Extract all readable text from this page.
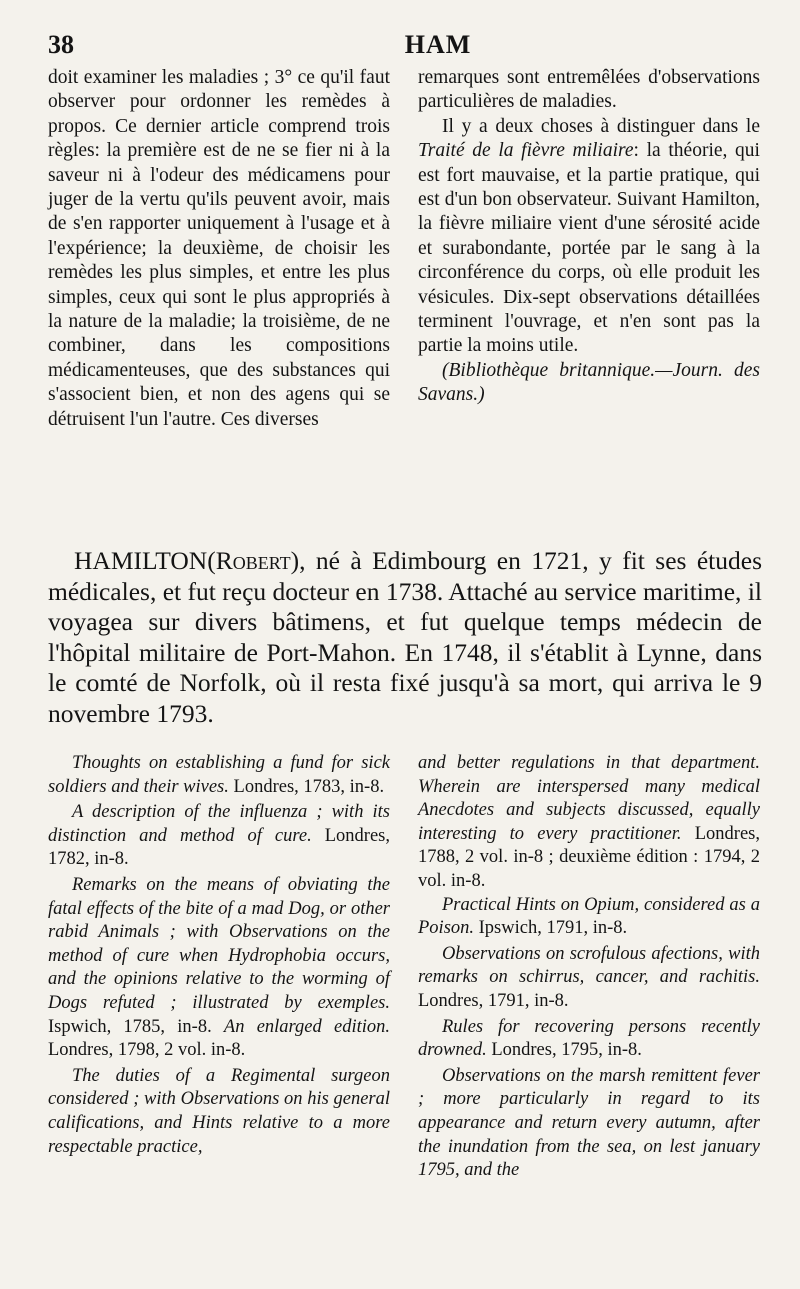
38	HAM

doit examiner les maladies ; 3° ce qu'il faut observer pour ordonner les remèdes à propos. Ce dernier article comprend trois règles: la première est de ne se fier ni à la saveur ni à l'odeur des médicamens pour juger de la vertu qu'ils peuvent avoir, mais de s'en rapporter uniquement à l'usage et à l'expérience; la deuxième, de choisir les remèdes les plus simples, et entre les plus simples, ceux qui sont le plus appropriés à la nature de la maladie; la troisième, de ne combiner, dans les compositions médicamenteuses, que des substances qui s'associent bien, et non des agens qui se détruisent l'un l'autre. Ces diverses

remarques sont entremêlées d'observations particulières de maladies.

Il y a deux choses à distinguer dans le Traité de la fièvre miliaire: la théorie, qui est fort mauvaise, et la partie pratique, qui est d'un bon observateur. Suivant Hamilton, la fièvre miliaire vient d'une sérosité acide et surabondante, portée par le sang à la circonférence du corps, où elle produit les vésicules. Dix-sept observations détaillées terminent l'ouvrage, et n'en sont pas la partie la moins utile.

(Bibliothèque britannique.—Journ. des Savans.)

HAMILTON(Robert), né à Edimbourg en 1721, y fit ses études médicales, et fut reçu docteur en 1738. Attaché au service maritime, il voyagea sur divers bâtimens, et fut quelque temps médecin de l'hôpital militaire de Port-Mahon. En 1748, il s'établit à Lynne, dans le comté de Norfolk, où il resta fixé jusqu'à sa mort, qui arriva le 9 novembre 1793.

Thoughts on establishing a fund for sick soldiers and their wives. Londres, 1783, in-8.

A description of the influenza ; with its distinction and method of cure. Londres, 1782, in-8.

Remarks on the means of obviating the fatal effects of the bite of a mad Dog, or other rabid Animals ; with Observations on the method of cure when Hydrophobia occurs, and the opinions relative to the worming of Dogs refuted ; illustrated by exemples. Ispwich, 1785, in-8. An enlarged edition. Londres, 1798, 2 vol. in-8.

The duties of a Regimental surgeon considered ; with Observations on his general califications, and Hints relative to a more respectable practice,

and better regulations in that department. Wherein are interspersed many medical Anecdotes and subjects discussed, equally interesting to every practitioner. Londres, 1788, 2 vol. in-8 ; deuxième édition : 1794, 2 vol. in-8.

Practical Hints on Opium, considered as a Poison. Ipswich, 1791, in-8.

Observations on scrofulous afections, with remarks on schirrus, cancer, and rachitis. Londres, 1791, in-8.

Rules for recovering persons recently drowned. Londres, 1795, in-8.

Observations on the marsh remittent fever ; more particularly in regard to its appearance and return every autumn, after the inundation from the sea, on lest january 1795, and the
